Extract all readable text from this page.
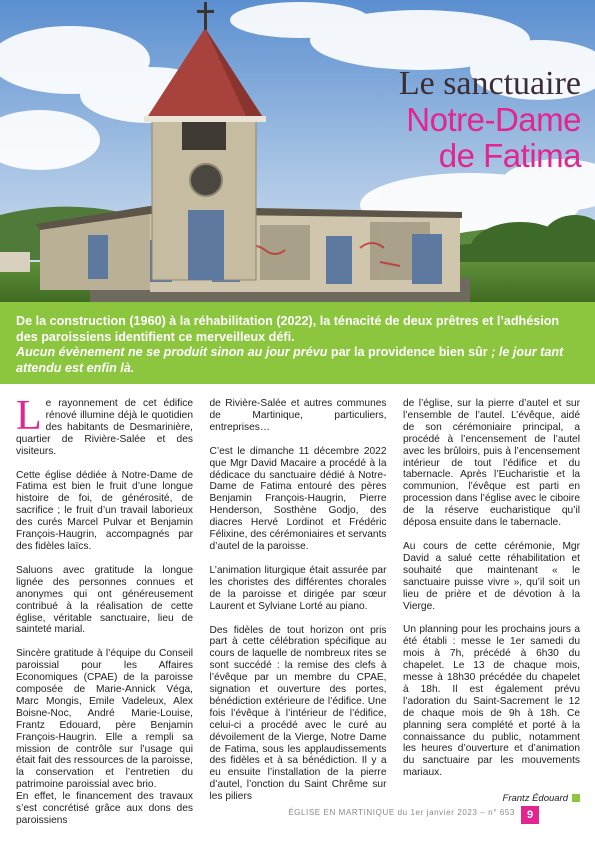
Le sanctuaire
Notre-Dame
de Fatima

De la construction (1960) à la réhabilitation (2022), la ténacité de deux prêtres et l’adhésion des paroissiens identifient ce merveilleux défi.

Aucun évènement ne se produit sinon au jour prévu par la providence bien sûr ; le jour tant attendu est enfin là.

Le rayonnement de cet édifice rénové illumine déjà le quotidien des habitants de Desmarinière, quartier de Rivière-Salée et des visiteurs.

Cette église dédiée à Notre-Dame de Fatima est bien le fruit d’une longue histoire de foi, de générosité, de sacrifice ; le fruit d’un travail laborieux des curés Marcel Pulvar et Benjamin François-Haugrin, accompagnés par des fidèles laïcs.

Saluons avec gratitude la longue lignée des personnes connues et anonymes qui ont généreusement contribué à la réalisation de cette église, véritable sanctuaire, lieu de sainteté marial.

Sincère gratitude à l’équipe du Conseil paroissial pour les Affaires Economiques (CPAE) de la paroisse composée de Marie-Annick Véga, Marc Mongis, Emile Vadeleux, Alex Boisne-Noc, André Marie-Louise, Frantz Edouard, père Benjamin François-Haugrin. Elle a rempli sa mission de contrôle sur l’usage qui était fait des ressources de la paroisse, la conservation et l’entretien du patrimoine paroissial avec brio.

En effet, le financement des travaux s’est concrétisé grâce aux dons des paroissiens

de Rivière-Salée et autres communes de Martinique, particuliers, entreprises…

C’est le dimanche 11 décembre 2022 que Mgr David Macaire a procédé à la dédicace du sanctuaire dédié à Notre-Dame de Fatima entouré des pères Benjamin François-Haugrin, Pierre Henderson, Sosthène Godjo, des diacres Hervé Lordinot et Frédéric Félixine, des cérémoniaires et servants d’autel de la paroisse.

L’animation liturgique était assurée par les choristes des différentes chorales de la paroisse et dirigée par sœur Laurent et Sylviane Lorté au piano.

Des fidèles de tout horizon ont pris part à cette célébration spécifique au cours de laquelle de nombreux rites se sont succédé : la remise des clefs à l’évêque par un membre du CPAE, signation et ouverture des portes, bénédiction extérieure de l’édifice. Une fois l’évêque à l’intérieur de l’édifice, celui-ci a procédé avec le curé au dévoilement de la Vierge, Notre Dame de Fatima, sous les applaudissements des fidèles et à sa bénédiction. Il y a eu ensuite l’installation de la pierre d’autel, l’onction du Saint Chrême sur les piliers

de l’église, sur la pierre d’autel et sur l’ensemble de l’autel. L’évêque, aidé de son cérémoniaire principal, a procédé à l’encensement de l’autel avec les brûloirs, puis à l’encensement intérieur de tout l’édifice et du tabernacle. Après l’Eucharistie et la communion, l’évêque est parti en procession dans l’église avec le ciboire de la réserve eucharistique qu’il déposa ensuite dans le tabernacle.

Au cours de cette cérémonie, Mgr David a salué cette réhabilitation et souhaité que maintenant « le sanctuaire puisse vivre », qu’il soit un lieu de prière et de dévotion à la Vierge.

Un planning pour les prochains jours a été établi : messe le 1er samedi du mois à 7h, précédé à 6h30 du chapelet. Le 13 de chaque mois, messe à 18h30 précédée du chapelet à 18h. Il est également prévu l’adoration du Saint-Sacrement le 12 de chaque mois de 9h à 18h. Ce planning sera complété et porté à la connaissance du public, notamment les heures d’ouverture et d’animation du sanctuaire par les mouvements mariaux.

Frantz Édouard
ÉGLISE EN MARTINIQUE du 1er janvier 2023 – n° 653	9
